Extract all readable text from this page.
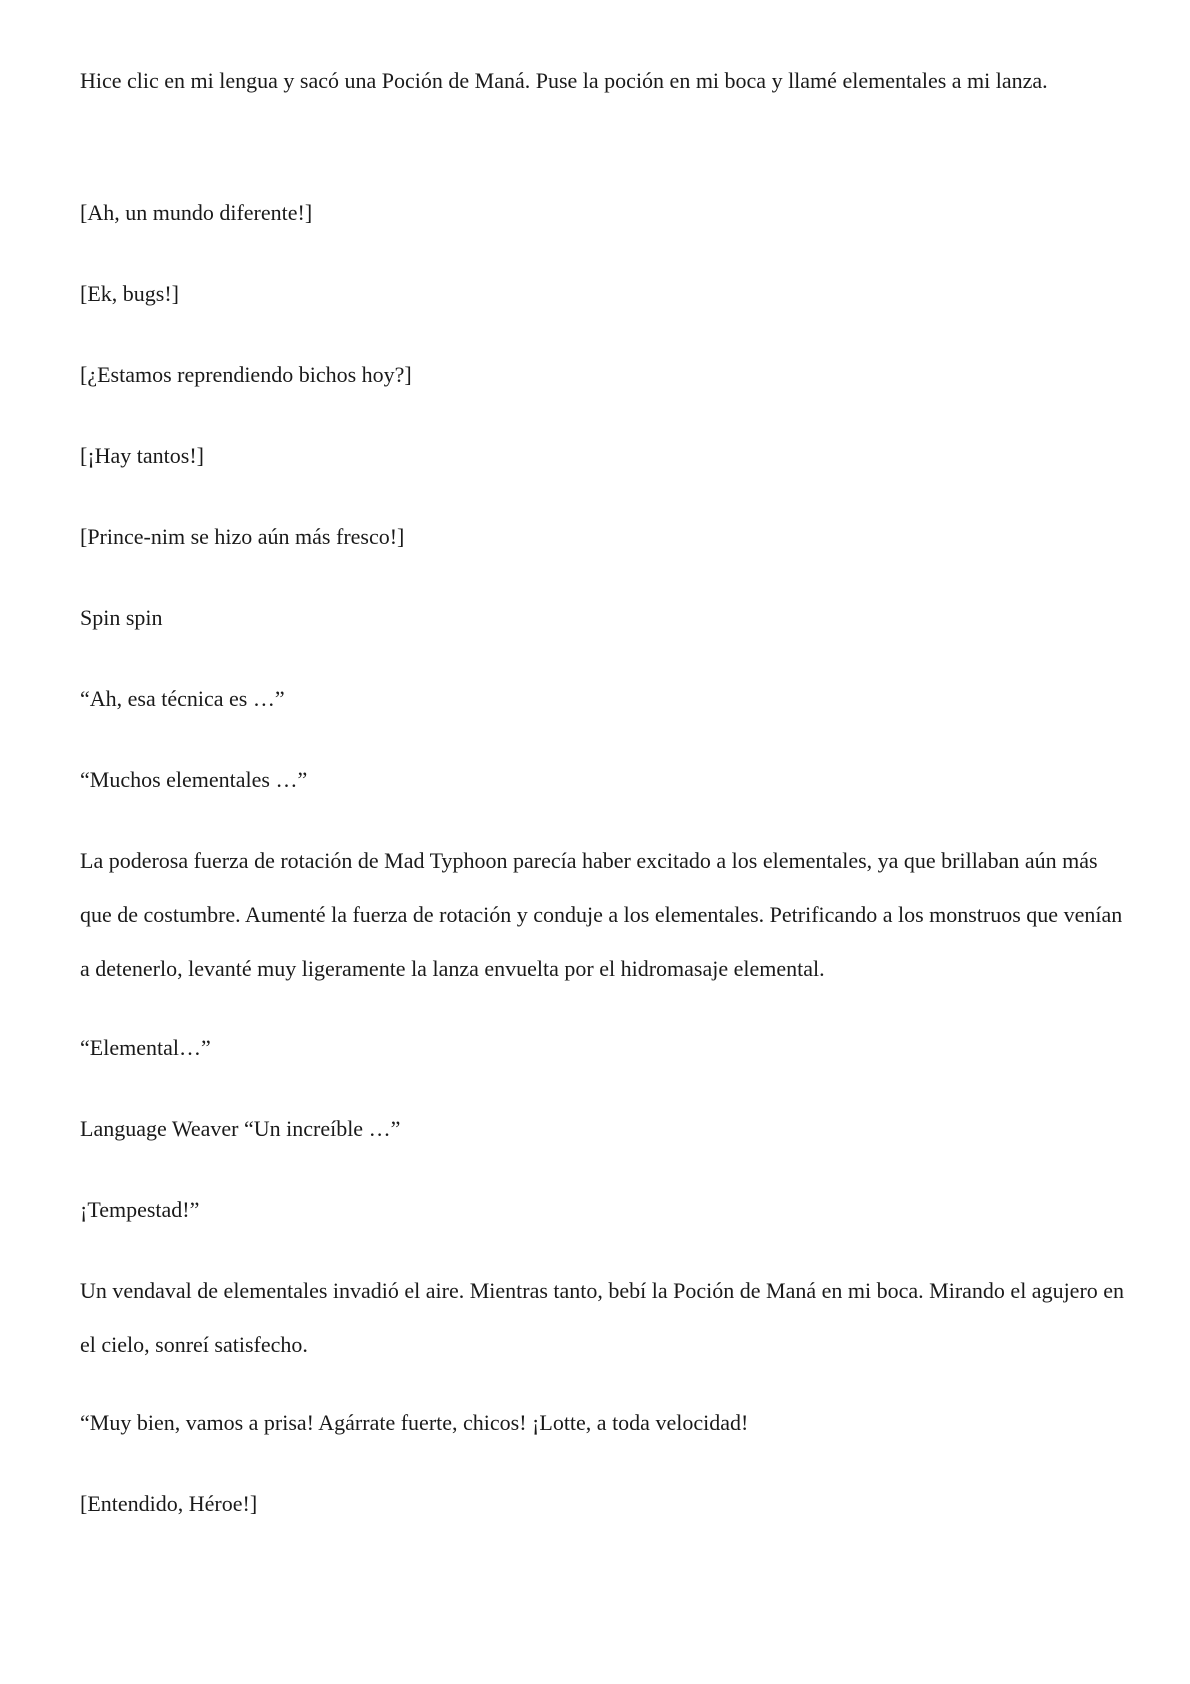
Hice clic en mi lengua y sacó una Poción de Maná. Puse la poción en mi boca y llamé elementales a mi lanza.

[Ah, un mundo diferente!]

[Ek, bugs!]

[¿Estamos reprendiendo bichos hoy?]

[¡Hay tantos!]

[Prince-nim se hizo aún más fresco!]

Spin spin

“Ah, esa técnica es …”

“Muchos elementales …”

La poderosa fuerza de rotación de Mad Typhoon parecía haber excitado a los elementales, ya que brillaban aún más que de costumbre. Aumenté la fuerza de rotación y conduje a los elementales. Petrificando a los monstruos que venían a detenerlo, levanté muy ligeramente la lanza envuelta por el hidromasaje elemental.

“Elemental…”

Language Weaver “Un increíble …”

¡Tempestad!”

Un vendaval de elementales invadió el aire. Mientras tanto, bebí la Poción de Maná en mi boca. Mirando el agujero en el cielo, sonreí satisfecho.

“Muy bien, vamos a prisa! Agárrate fuerte, chicos! ¡Lotte, a toda velocidad!

[Entendido, Héroe!]
